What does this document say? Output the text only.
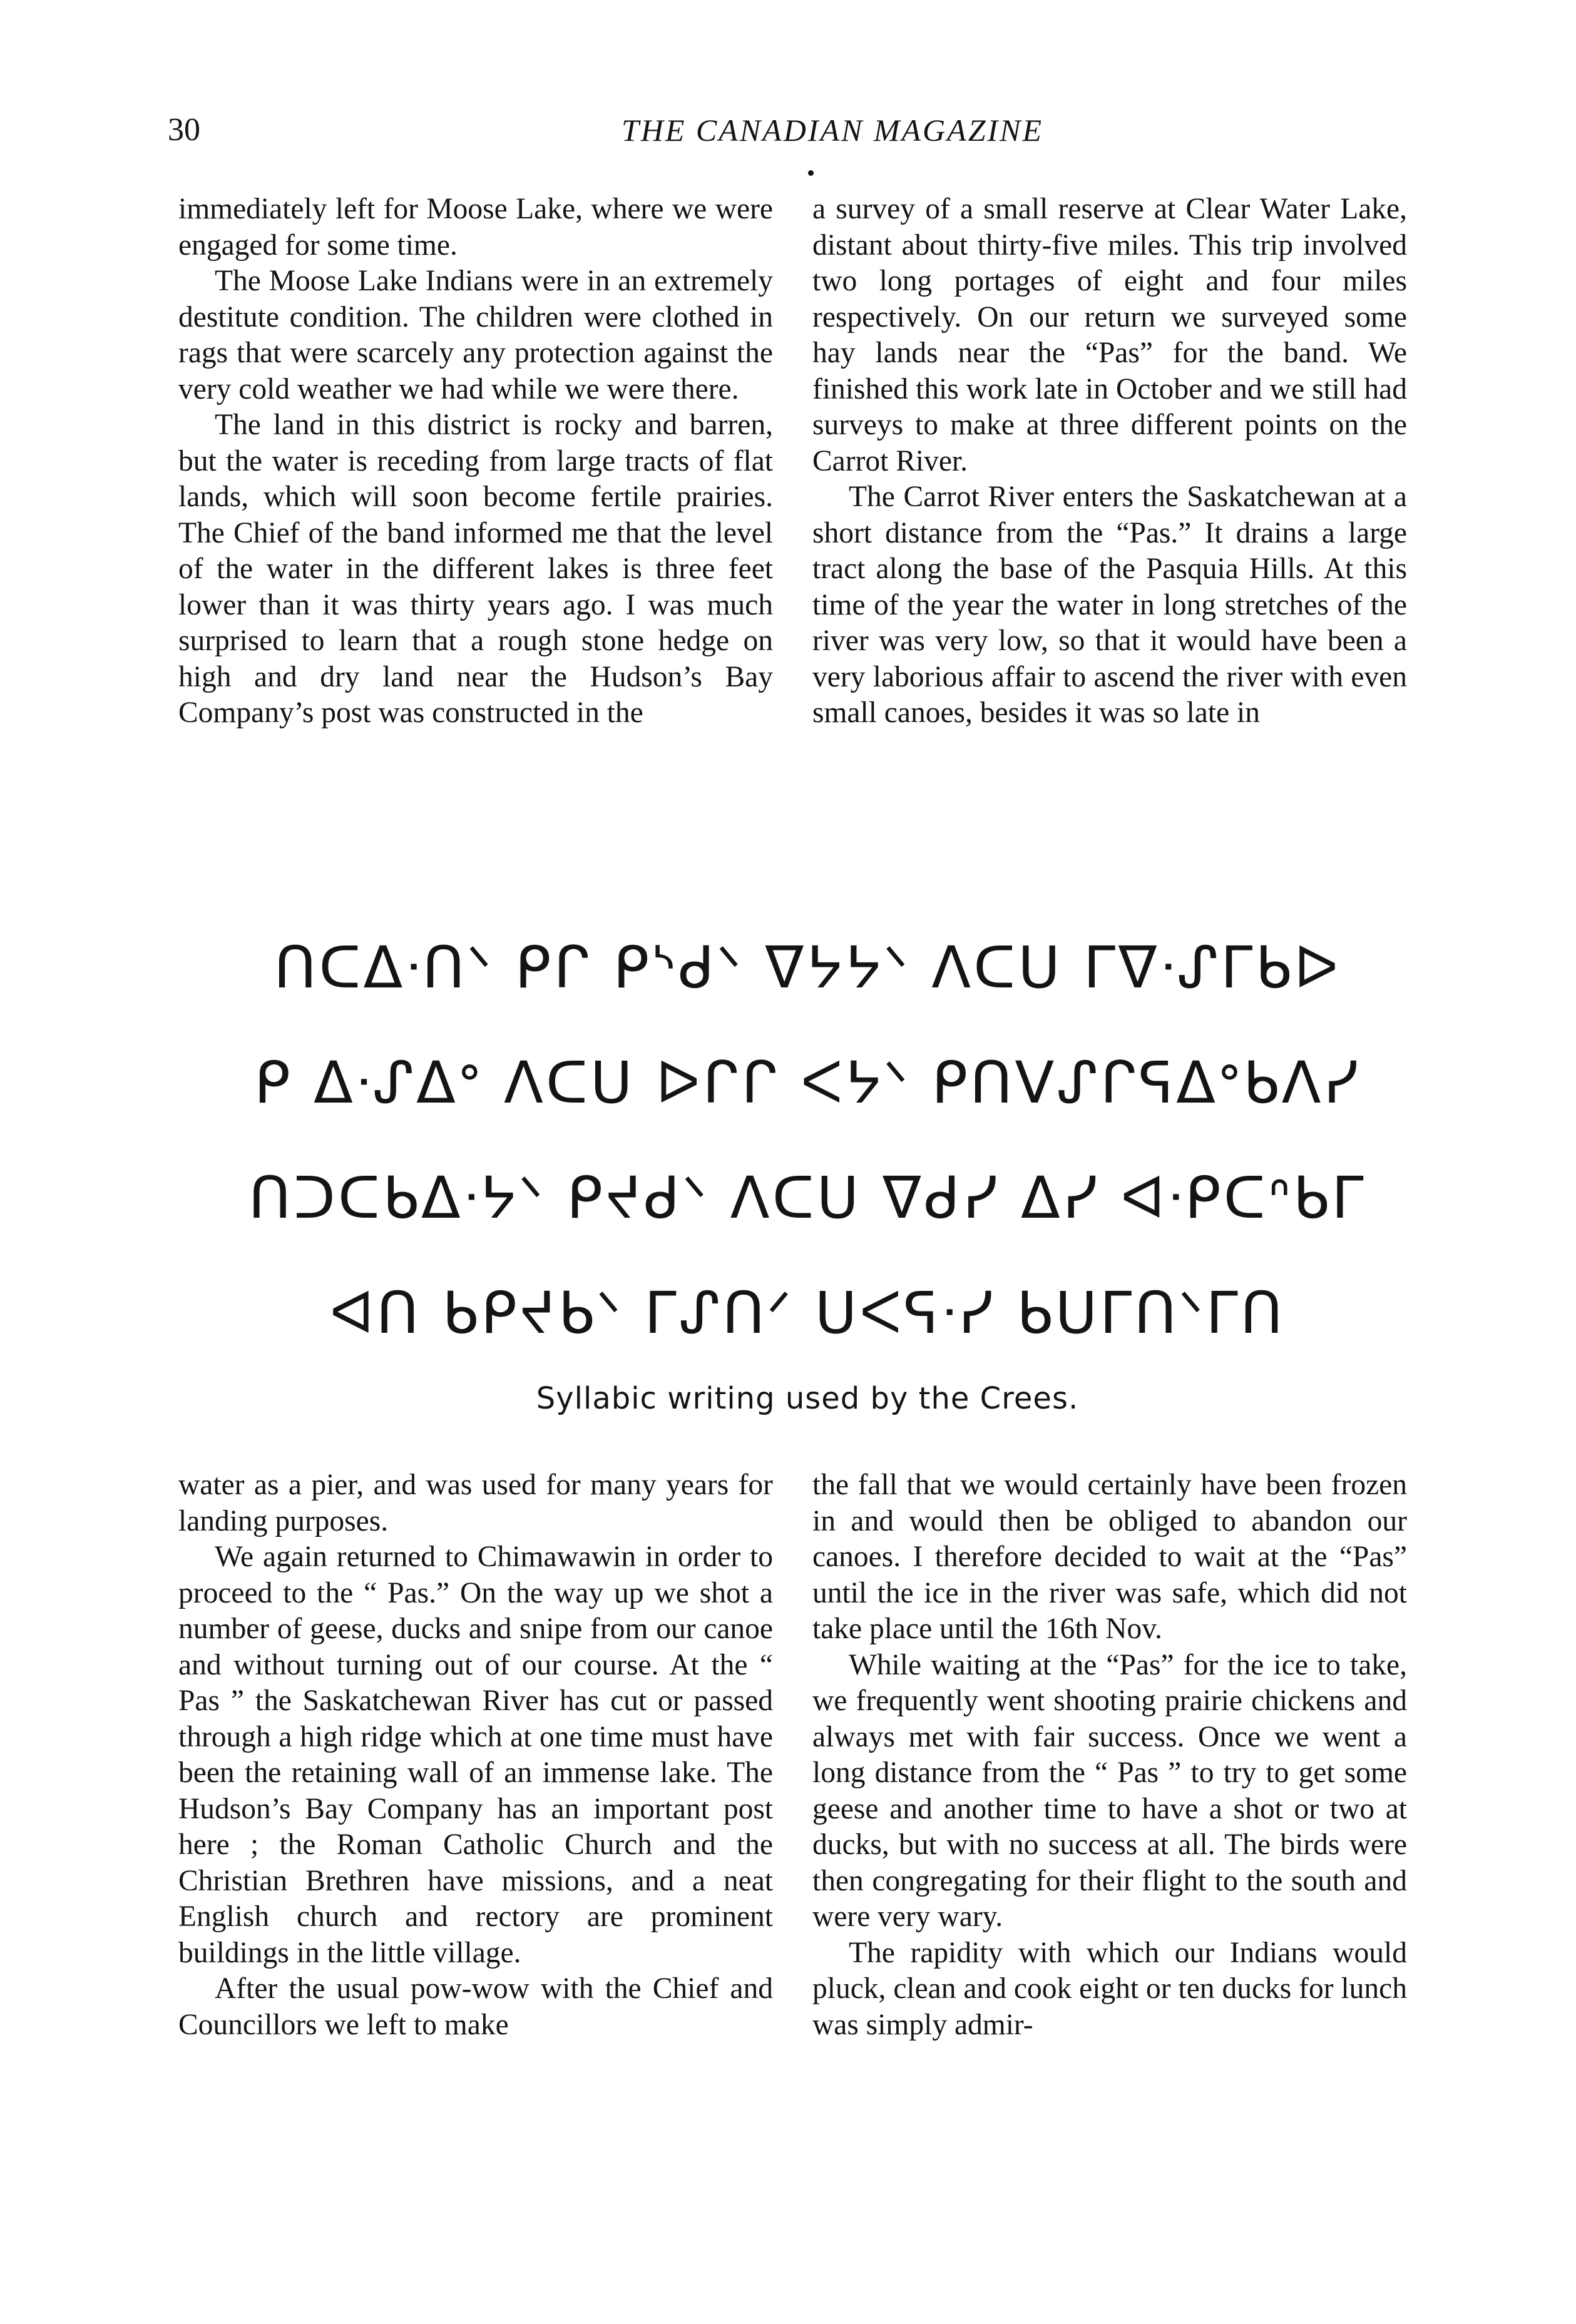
30	THE CANADIAN MAGAZINE

immediately left for Moose Lake, where we were engaged for some time.

The Moose Lake Indians were in an extremely destitute condition. The children were clothed in rags that were scarcely any protection against the very cold weather we had while we were there.

The land in this district is rocky and barren, but the water is receding from large tracts of flat lands, which will soon become fertile prairies. The Chief of the band informed me that the level of the water in the different lakes is three feet lower than it was thirty years ago. I was much surprised to learn that a rough stone hedge on high and dry land near the Hudson’s Bay Company’s post was constructed in the

a survey of a small reserve at Clear Water Lake, distant about thirty-five miles. This trip involved two long portages of eight and four miles respectively. On our return we surveyed some hay lands near the “Pas” for the band. We finished this work late in October and we still had surveys to make at three different points on the Carrot River.

The Carrot River enters the Saskatchewan at a short distance from the “Pas.” It drains a large tract along the base of the Pasquia Hills. At this time of the year the water in long stretches of the river was very low, so that it would have been a very laborious affair to ascend the river with even small canoes, besides it was so late in

ᑎᑕᐃᐧᑎᐠ ᑭᒋ ᑭᔅᑯᐠ ᐁᔭᔭᐠ ᐱᑕᑌ ᒥᐁᐧᔑᒥᑲᐅ
ᑭ ᐃᐧᔑᐃᐤ ᐱᑕᑌ ᐅᒋᒋ ᐸᔭᐠ ᑭᑎᐯᔑᒋᕋᐃᐤᑲᐱᓯ
ᑎᑐᑕᑲᐃᐧᔭᐠ ᑭᔪᑯᐠ ᐱᑕᑌ ᐁᑯᓯ ᐃᓯ ᐊᐧᑭᑕᐢᑲᒥ
ᐊᑎ ᑲᑭᔪᑲᐠ ᒥᔑᑎᐟ ᑌᐸᕋᐧᓯ ᑲᑌᒥᑎᐠᒥᑎ
Syllabic writing used by the Crees.

water as a pier, and was used for many years for landing purposes.

We again returned to Chimawawin in order to proceed to the “ Pas.” On the way up we shot a number of geese, ducks and snipe from our canoe and without turning out of our course. At the “ Pas ” the Saskatchewan River has cut or passed through a high ridge which at one time must have been the retaining wall of an immense lake. The Hudson’s Bay Company has an important post here ; the Roman Catholic Church and the Christian Brethren have missions, and a neat English church and rectory are prominent buildings in the little village.

After the usual pow-wow with the Chief and Councillors we left to make

the fall that we would certainly have been frozen in and would then be obliged to abandon our canoes. I therefore decided to wait at the “Pas” until the ice in the river was safe, which did not take place until the 16th Nov.

While waiting at the “Pas” for the ice to take, we frequently went shooting prairie chickens and always met with fair success. Once we went a long distance from the “ Pas ” to try to get some geese and another time to have a shot or two at ducks, but with no success at all. The birds were then congregating for their flight to the south and were very wary.

The rapidity with which our Indians would pluck, clean and cook eight or ten ducks for lunch was simply admir-
